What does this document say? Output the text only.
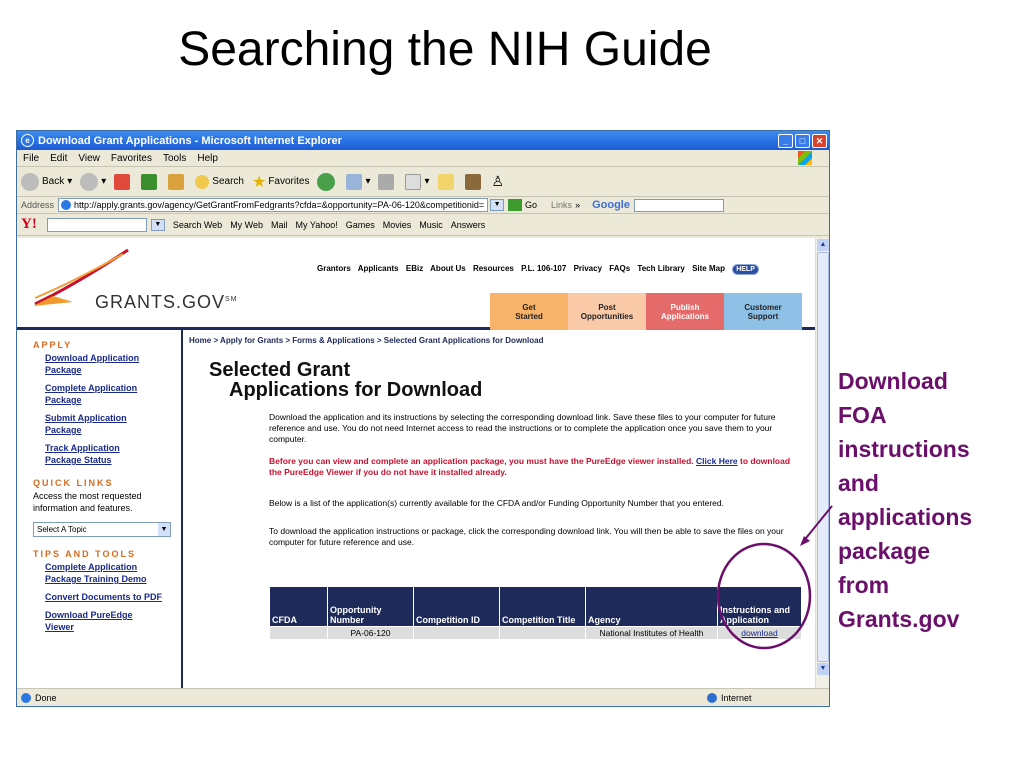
Searching the NIH Guide
e Download Grant Applications - Microsoft Internet Explorer	_	□	✕
File Edit View Favorites Tools Help
Back ▾	▾	Search ★ Favorites	▾	▾	♙
Address http://apply.grants.gov/agency/GetGrantFromFedgrants?cfda=&opportunity=PA-06-120&competitionid=	▼	Go Links » Google
Y!	▼	Search Web My Web Mail My Yahoo! Games Movies Music Answers
GRANTS.GOV℠
Grantors Applicants EBiz About Us Resources P.L. 106-107 Privacy FAQs Tech Library Site Map HELP
Get
Started
Post
Opportunities
Publish
Applications
Customer
Support
APPLY
Download Application
Package
Complete Application
Package
Submit Application
Package
Track Application
Package Status
QUICK LINKS
Access the most requested
information and features.
Select A Topic	▼
TIPS AND TOOLS
Complete Application
Package Training Demo
Convert Documents to PDF
Download PureEdge
Viewer
Home > Apply for Grants > Forms & Applications > Selected Grant Applications for Download
Selected Grant
Applications for Download
Download the application and its instructions by selecting the corresponding download link. Save these files to your computer for future reference and use. You do not need Internet access to read the instructions or to complete the application once you save them to your computer.
Before you can view and complete an application package, you must have the PureEdge viewer installed. Click Here to download the PureEdge Viewer if you do not have it installed already.
Below is a list of the application(s) currently available for the CFDA and/or Funding Opportunity Number that you entered.
To download the application instructions or package, click the corresponding download link. You will then be able to save the files on your computer for future reference and use.
CFDA	Opportunity Number	Competition ID	Competition Title	Agency	Instructions and Application
	PA-06-120			National Institutes of Health	download
▲
▼
Done	Internet
Download
FOA
instructions
and
applications
package
from
Grants.gov
